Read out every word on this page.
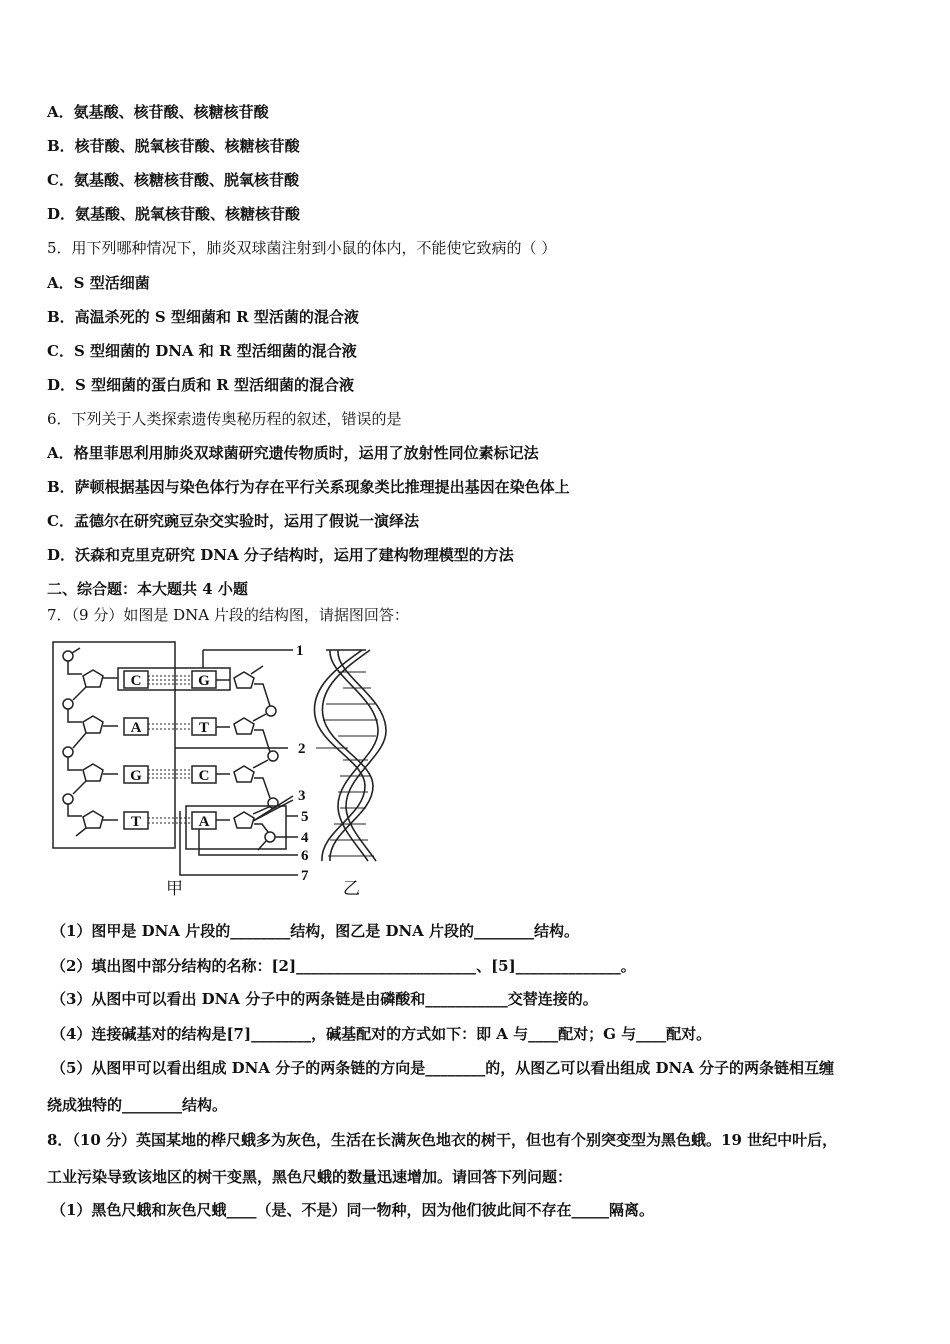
A．氨基酸、核苷酸、核糖核苷酸
B．核苷酸、脱氧核苷酸、核糖核苷酸
C．氨基酸、核糖核苷酸、脱氧核苷酸
D．氨基酸、脱氧核苷酸、核糖核苷酸
5．用下列哪种情况下，肺炎双球菌注射到小鼠的体内，不能使它致病的（ ）
A．S 型活细菌
B．高温杀死的 S 型细菌和 R 型活菌的混合液
C．S 型细菌的 DNA 和 R 型活细菌的混合液
D．S 型细菌的蛋白质和 R 型活细菌的混合液
6．下列关于人类探索遗传奥秘历程的叙述，错误的是
A．格里菲思利用肺炎双球菌研究遗传物质时，运用了放射性同位素标记法
B．萨顿根据基因与染色体行为存在平行关系现象类比推理提出基因在染色体上
C．孟德尔在研究豌豆杂交实验时，运用了假说一演绎法
D．沃森和克里克研究 DNA 分子结构时，运用了建构物理模型的方法
二、综合题：本大题共 4 小题
7．（9 分）如图是 DNA 片段的结构图，请据图回答：
C
A
G
T
G
T
C
A
1
2
3
4
5
6
7
甲	乙
（1）图甲是 DNA 片段的________结构，图乙是 DNA 片段的________结构。
（2）填出图中部分结构的名称：[2]________________________、[5]______________。
（3）从图中可以看出 DNA 分子中的两条链是由磷酸和___________交替连接的。
（4）连接碱基对的结构是[7]________，碱基配对的方式如下：即 A 与____配对；G 与____配对。
（5）从图甲可以看出组成 DNA 分子的两条链的方向是________的，从图乙可以看出组成 DNA 分子的两条链相互缠
绕成独特的________结构。
8．（10 分）英国某地的桦尺蛾多为灰色，生活在长满灰色地衣的树干，但也有个别突变型为黑色蛾。19 世纪中叶后，
工业污染导致该地区的树干变黑，黑色尺蛾的数量迅速增加。请回答下列问题：
（1）黑色尺蛾和灰色尺蛾____（是、不是）同一物种，因为他们彼此间不存在_____隔离。
